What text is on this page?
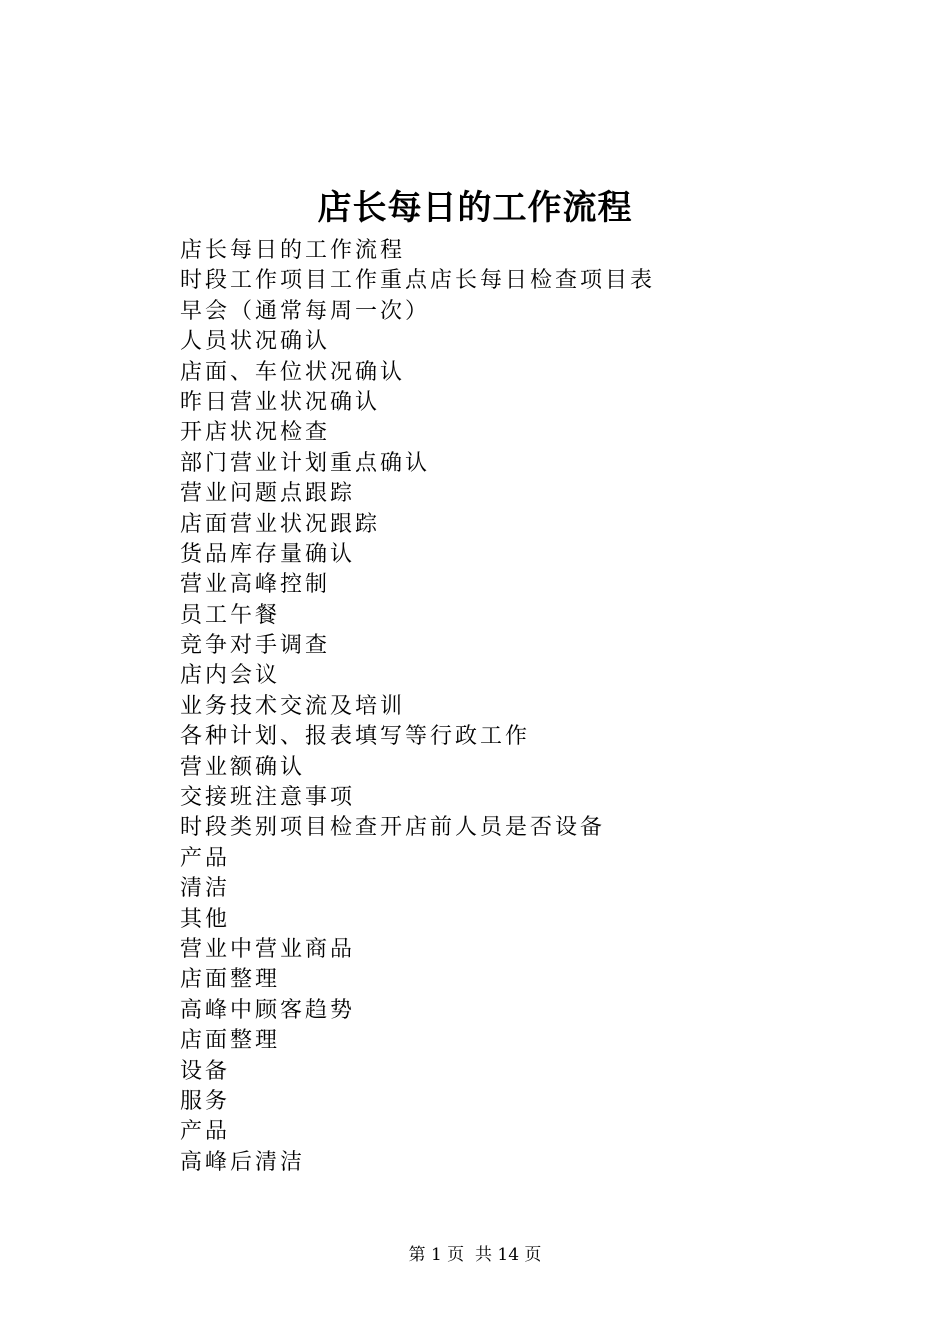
店长每日的工作流程
店长每日的工作流程
时段工作项目工作重点店长每日检查项目表
早会（通常每周一次）
人员状况确认
店面、车位状况确认
昨日营业状况确认
开店状况检查
部门营业计划重点确认
营业问题点跟踪
店面营业状况跟踪
货品库存量确认
营业高峰控制
员工午餐
竞争对手调查
店内会议
业务技术交流及培训
各种计划、报表填写等行政工作
营业额确认
交接班注意事项
时段类别项目检查开店前人员是否设备
产品
清洁
其他
营业中营业商品
店面整理
高峰中顾客趋势
店面整理
设备
服务
产品
高峰后清洁
第 1 页 共 14 页
